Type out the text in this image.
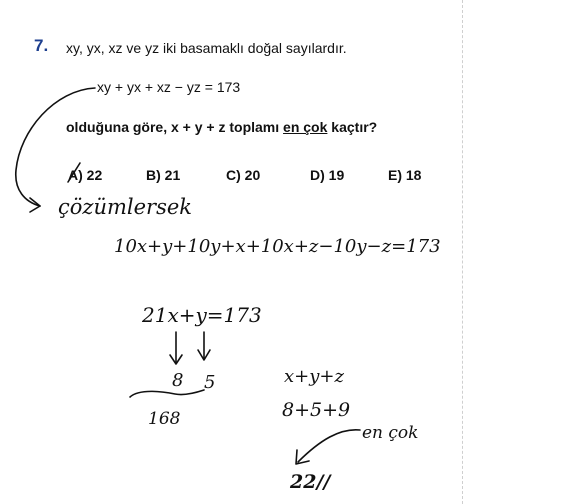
7. xy, yx, xz ve yz iki basamaklı doğal sayılardır.
xy + yx + xz − yz = 173
olduğuna göre, x + y + z toplamı en çok kaçtır?
A) 22	B) 21	C) 20	D) 19	E) 18
çözümlersek
10x+y+10y+x+10x+z−10y−z=173
21x+y=173
8 5
168
x+y+z
8+5+9
en çok
22//
